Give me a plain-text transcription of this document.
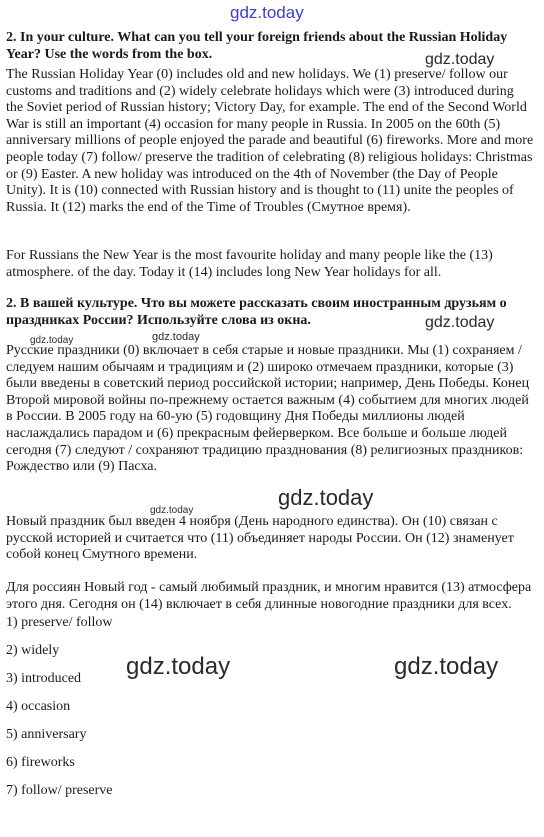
gdz.today
2. In your culture. What can you tell your foreign friends about the Russian Holiday Year? Use the words from the box.	gdz.today
The Russian Holiday Year (0) includes old and new holidays. We (1) preserve/ follow our customs and traditions and (2) widely celebrate holidays which were (3) introduced during the Soviet period of Russian history; Victory Day, for example. The end of the Second World War is still an important (4) occasion for many people in Russia. In 2005 on the 60th (5) anniversary millions of people enjoyed the parade and beautiful (6) fireworks. More and more people today (7) follow/ preserve the tradition of celebrating (8) religious holidays: Christmas or (9) Easter. A new holiday was introduced on the 4th of November (the Day of People Unity). It is (10) connected with Russian history and is thought to (11) unite the peoples of Russia. It (12) marks the end of the Time of Troubles (Смутное время).
For Russians the New Year is the most favourite holiday and many people like the (13) atmosphere. of the day. Today it (14) includes long New Year holidays for all.
2. В вашей культуре. Что вы можете рассказать своим иностранным друзьям о праздниках России? Используйте слова из окна.	gdz.today
gdz.today	gdz.today
Русские праздники (0) включает в себя старые и новые праздники. Мы (1) сохраняем / следуем нашим обычаям и традициям и (2) широко отмечаем праздники, которые (3) были введены в советский период российской истории; например, День Победы. Конец Второй мировой войны по-прежнему остается важным (4) событием для многих людей в России. В 2005 году на 60-ую (5) годовщину Дня Победы миллионы людей наслаждались парадом и (6) прекрасным фейерверком. Все больше и больше людей сегодня (7) следуют / сохраняют традицию празднования (8) религиозных праздников: Рождество или (9) Пасха.
gdz.today
gdz.today
Новый праздник был введен 4 ноября (День народного единства). Он (10) связан с русской историей и считается что (11) объединяет народы России. Он (12) знаменует собой конец Смутного времени.
Для россиян Новый год - самый любимый праздник, и многим нравится (13) атмосфера этого дня. Сегодня он (14) включает в себя длинные новогодние праздники для всех.
1) preserve/ follow
2) widely
3) introduced
4) occasion
5) anniversary
6) fireworks
7) follow/ preserve
gdz.today	gdz.today
